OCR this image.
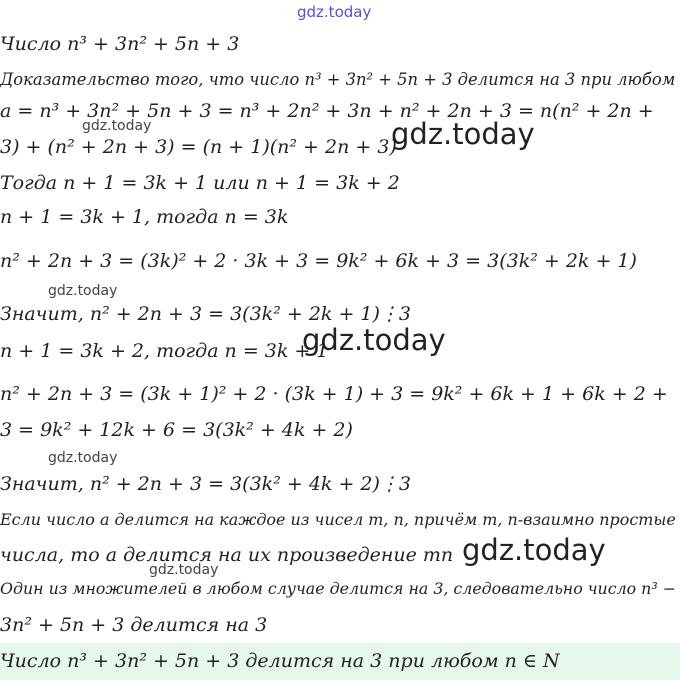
gdz.today
Число n³ + 3n² + 5n + 3
Доказательство того, что число n³ + 3n² + 5n + 3 делится на 3 при любом
a = n³ + 3n² + 5n + 3 = n³ + 2n² + 3n + n² + 2n + 3 = n(n² + 2n +
gdz.today
3) + (n² + 2n + 3) = (n + 1)(n² + 2n + 3)
gdz.today
Тогда n + 1 = 3k + 1 или n + 1 = 3k + 2
n + 1 = 3k + 1, тогда n = 3k
n² + 2n + 3 = (3k)² + 2 · 3k + 3 = 9k² + 6k + 3 = 3(3k² + 2k + 1)
gdz.today
Значит, n² + 2n + 3 = 3(3k² + 2k + 1)⋮3
n + 1 = 3k + 2, тогда n = 3k + 1
gdz.today
n² + 2n + 3 = (3k + 1)² + 2 · (3k + 1) + 3 = 9k² + 6k + 1 + 6k + 2 +
3 = 9k² + 12k + 6 = 3(3k² + 4k + 2)
gdz.today
Значит, n² + 2n + 3 = 3(3k² + 4k + 2)⋮3
Если число a делится на каждое из чисел m, n, причём m, n-взаимно простые
числа, то a делится на их произведение mn gdz.today
gdz.today
Один из множителей в любом случае делится на 3, следовательно число n³ −
3n² + 5n + 3 делится на 3
Число n³ + 3n² + 5n + 3 делится на 3 при любом n ∈ N
